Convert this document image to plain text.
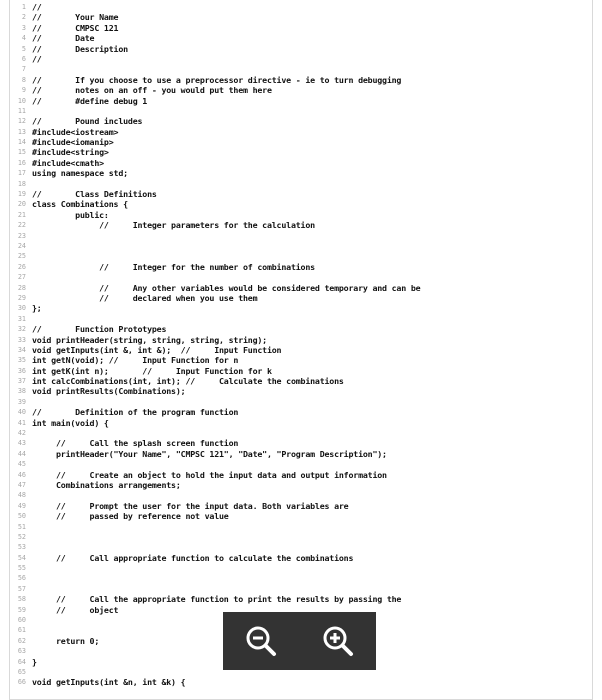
1 //
2 //       Your Name
3 //       CMPSC 121
4 //       Date
5 //       Description
6 //
7
8 //       If you choose to use a preprocessor directive - ie to turn debugging
9 //       notes on an off - you would put them here
10 //       #define debug 1
11
12 //       Pound includes
13 #include<iostream>
14 #include<iomanip>
15 #include<string>
16 #include<cmath>
17 using namespace std;
18
19 //       Class Definitions
20 class Combinations {
21 public:
22 //     Integer parameters for the calculation
23
24
25
26 //     Integer for the number of combinations
27
28 //     Any other variables would be considered temporary and can be
29 //     declared when you use them
30 };
31
32 //       Function Prototypes
33 void printHeader(string, string, string, string);
34 void getInputs(int &, int &);  //     Input Function
35 int getN(void); //     Input Function for n
36 int getK(int n);       //     Input Function for k
37 int calcCombinations(int, int); //     Calculate the combinations
38 void printResults(Combinations);
39
40 //       Definition of the program function
41 int main(void) {
42
43 //     Call the splash screen function
44 printHeader("Your Name", "CMPSC 121", "Date", "Program Description");
45
46 //     Create an object to hold the input data and output information
47 Combinations arrangements;
48
49 //     Prompt the user for the input data. Both variables are
50 //     passed by reference not value
51
52
53
54 //     Call appropriate function to calculate the combinations
55
56
57
58 //     Call the appropriate function to print the results by passing the
59 //     object
60
61
62 return 0;
63
64 }
65
66 void getInputs(int &n, int &k) {
